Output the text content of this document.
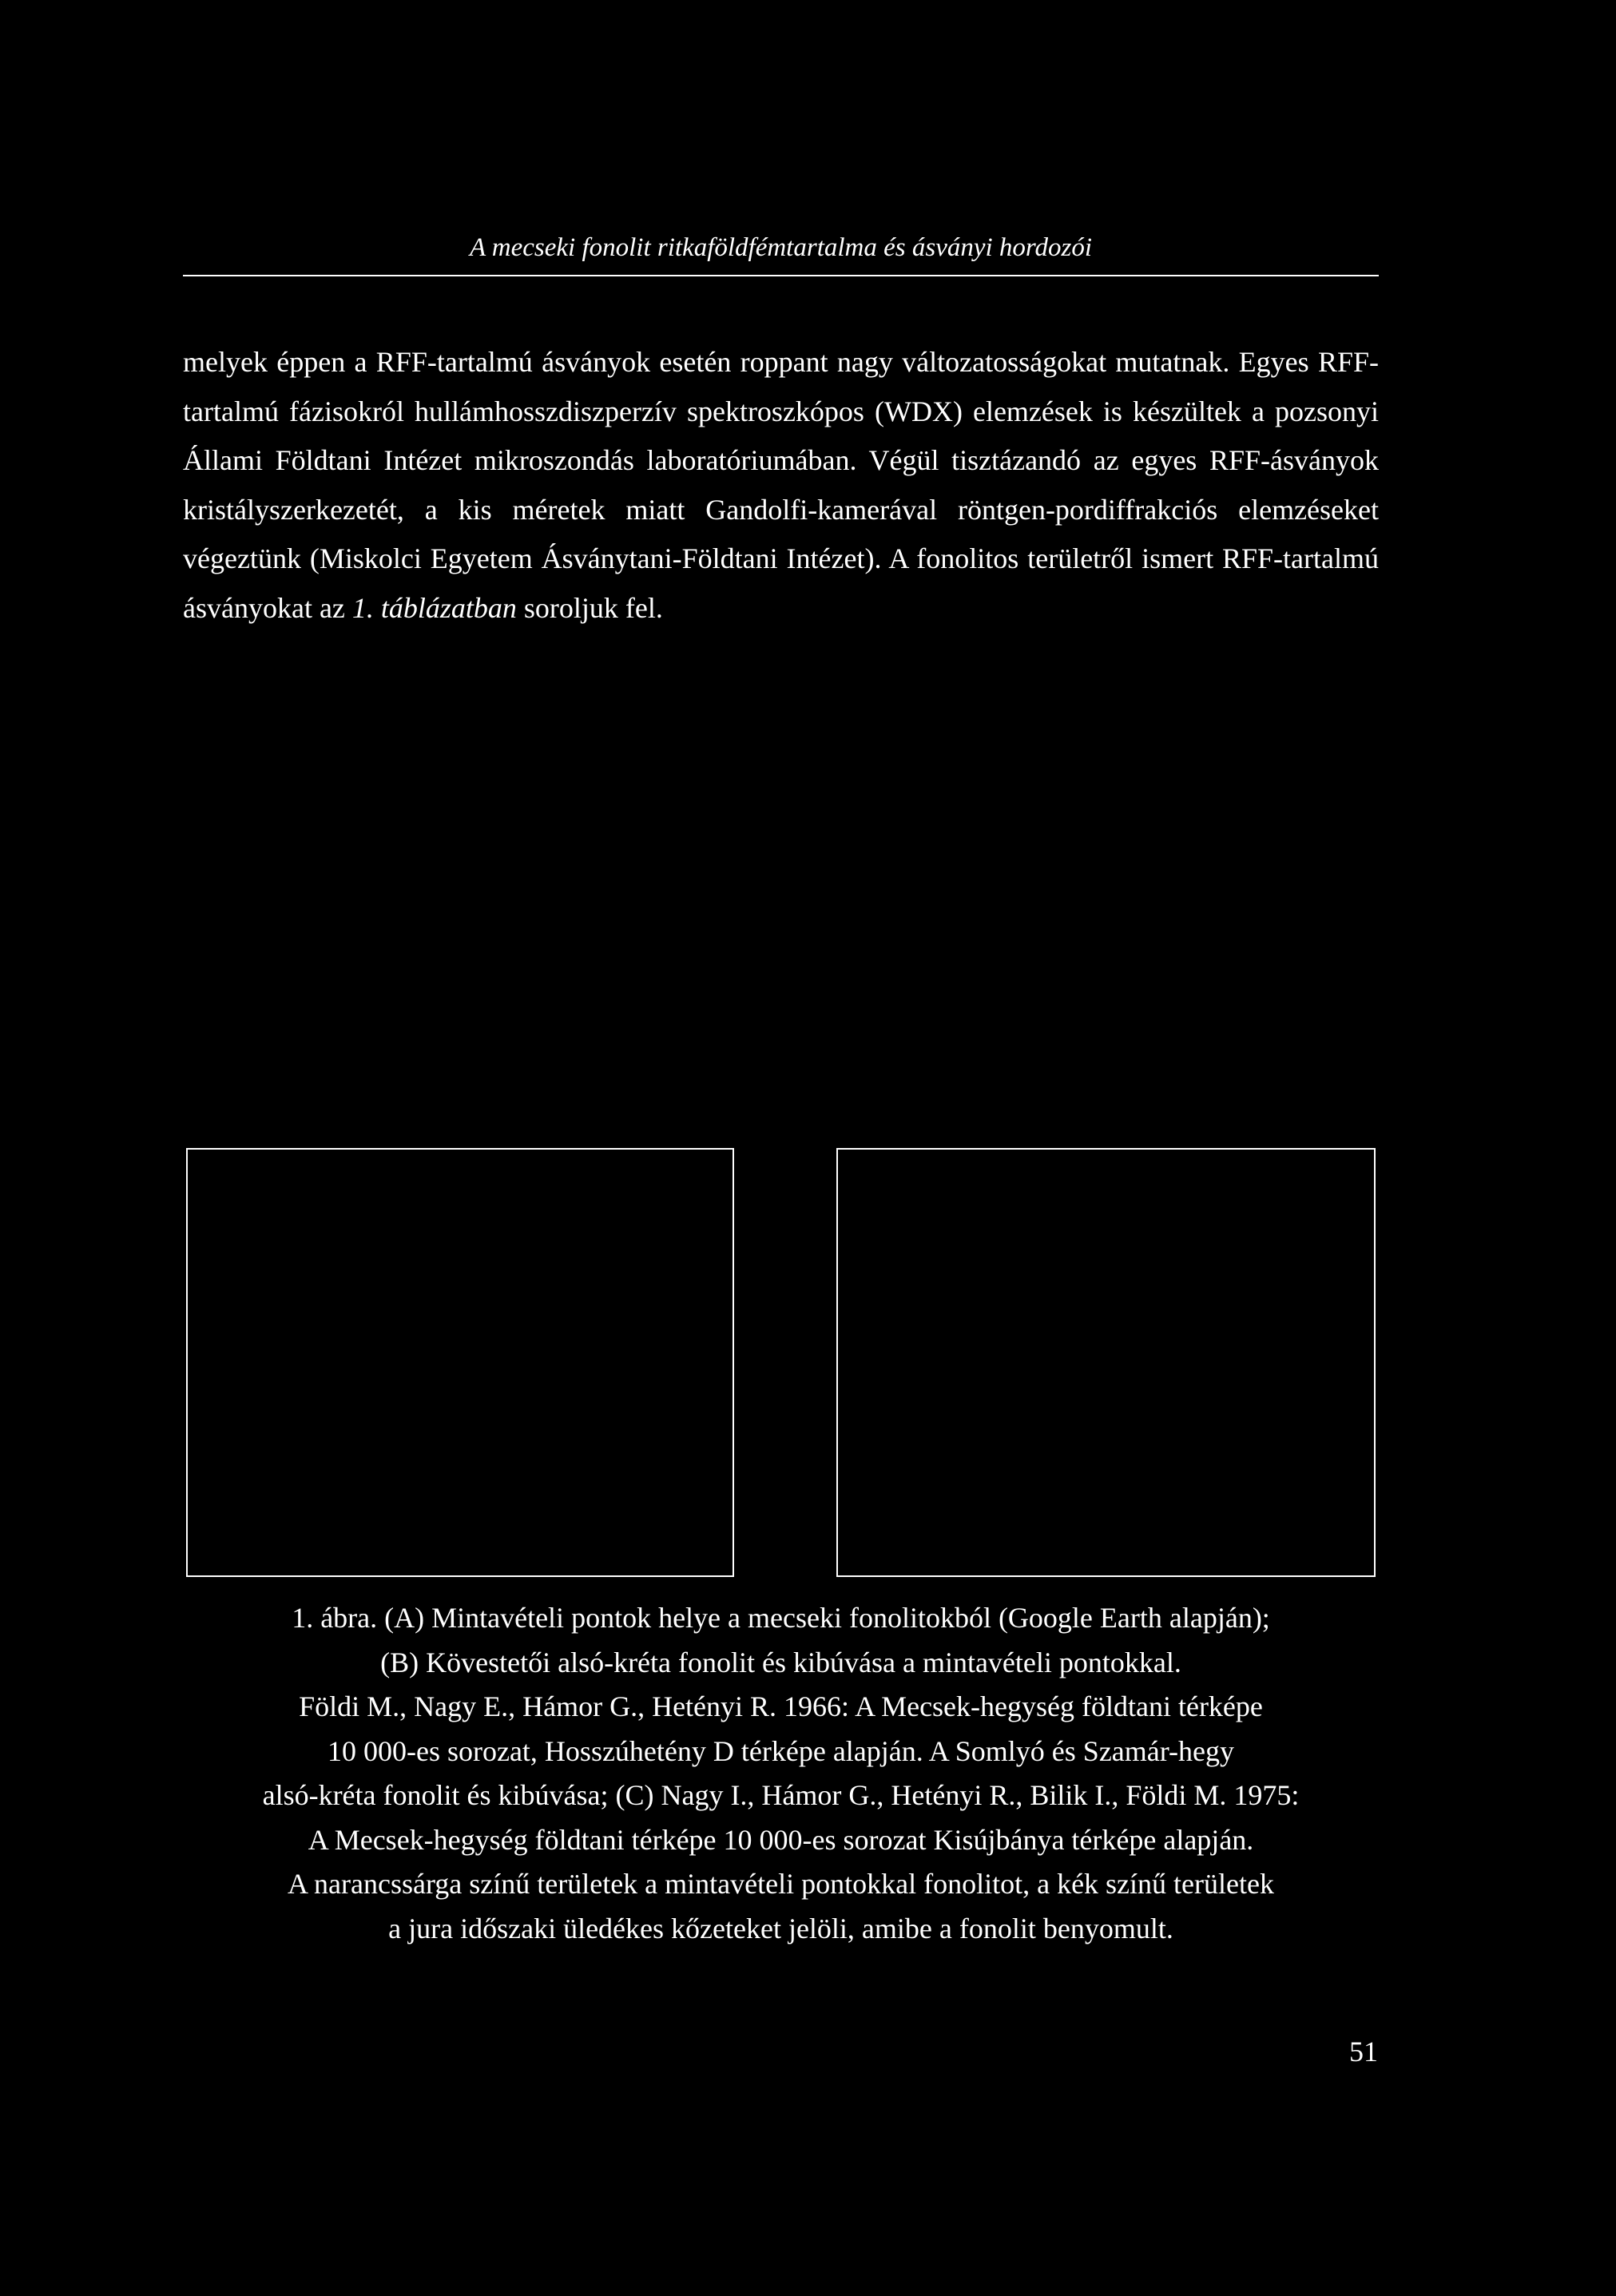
A mecseki fonolit ritkaföldfémtartalma és ásványi hordozói

melyek éppen a RFF-tartalmú ásványok esetén roppant nagy változatosságokat mutatnak. Egyes RFF-tartalmú fázisokról hullámhosszdiszperzív spektroszkópos (WDX) elemzések is készültek a pozsonyi Állami Földtani Intézet mikroszondás laboratóriumában. Végül tisztázandó az egyes RFF-ásványok kristályszerkezetét, a kis méretek miatt Gandolfi-kamerával röntgen-pordiffrakciós elemzéseket végeztünk (Miskolci Egyetem Ásványtani-Földtani Intézet). A fonolitos területről ismert RFF-tartalmú ásványokat az 1. táblázatban soroljuk fel.

1. ábra. (A) Mintavételi pontok helye a mecseki fonolitokból (Google Earth alapján);
(B) Kövestetői alsó-kréta fonolit és kibúvása a mintavételi pontokkal.
Földi M., Nagy E., Hámor G., Hetényi R. 1966: A Mecsek-hegység földtani térképe
10 000-es sorozat, Hosszúhetény D térképe alapján. A Somlyó és Szamár-hegy
alsó-kréta fonolit és kibúvása; (C) Nagy I., Hámor G., Hetényi R., Bilik I., Földi M. 1975:
A Mecsek-hegység földtani térképe 10 000-es sorozat Kisújbánya térképe alapján.
A narancssárga színű területek a mintavételi pontokkal fonolitot, a kék színű területek
a jura időszaki üledékes kőzeteket jelöli, amibe a fonolit benyomult.
51
